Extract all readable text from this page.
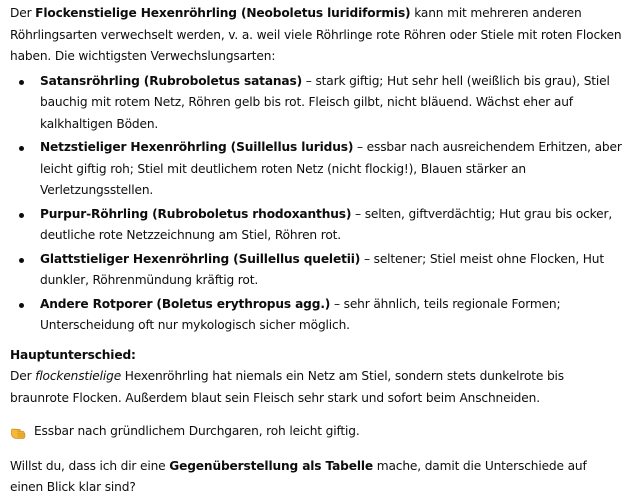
Der Flockenstielige Hexenröhrling (Neoboletus luridiformis) kann mit mehreren anderen Röhrlingsarten verwechselt werden, v. a. weil viele Röhrlinge rote Röhren oder Stiele mit roten Flocken haben. Die wichtigsten Verwechslungsarten:

Satansröhrling (Rubroboletus satanas) – stark giftig; Hut sehr hell (weißlich bis grau), Stiel bauchig mit rotem Netz, Röhren gelb bis rot. Fleisch gilbt, nicht bläuend. Wächst eher auf kalkhaltigen Böden.
Netzstieliger Hexenröhrling (Suillellus luridus) – essbar nach ausreichendem Erhitzen, aber leicht giftig roh; Stiel mit deutlichem roten Netz (nicht flockig!), Blauen stärker an Verletzungsstellen.
Purpur-Röhrling (Rubroboletus rhodoxanthus) – selten, giftverdächtig; Hut grau bis ocker, deutliche rote Netzzeichnung am Stiel, Röhren rot.
Glattstieliger Hexenröhrling (Suillellus queletii) – seltener; Stiel meist ohne Flocken, Hut dunkler, Röhrenmündung kräftig rot.
Andere Rotporer (Boletus erythropus agg.) – sehr ähnlich, teils regionale Formen; Unterscheidung oft nur mykologisch sicher möglich.

Hauptunterschied:

Der flockenstielige Hexenröhrling hat niemals ein Netz am Stiel, sondern stets dunkelrote bis braunrote Flocken. Außerdem blaut sein Fleisch sehr stark und sofort beim Anschneiden.

Essbar nach gründlichem Durchgaren, roh leicht giftig.

Willst du, dass ich dir eine Gegenüberstellung als Tabelle mache, damit die Unterschiede auf einen Blick klar sind?
